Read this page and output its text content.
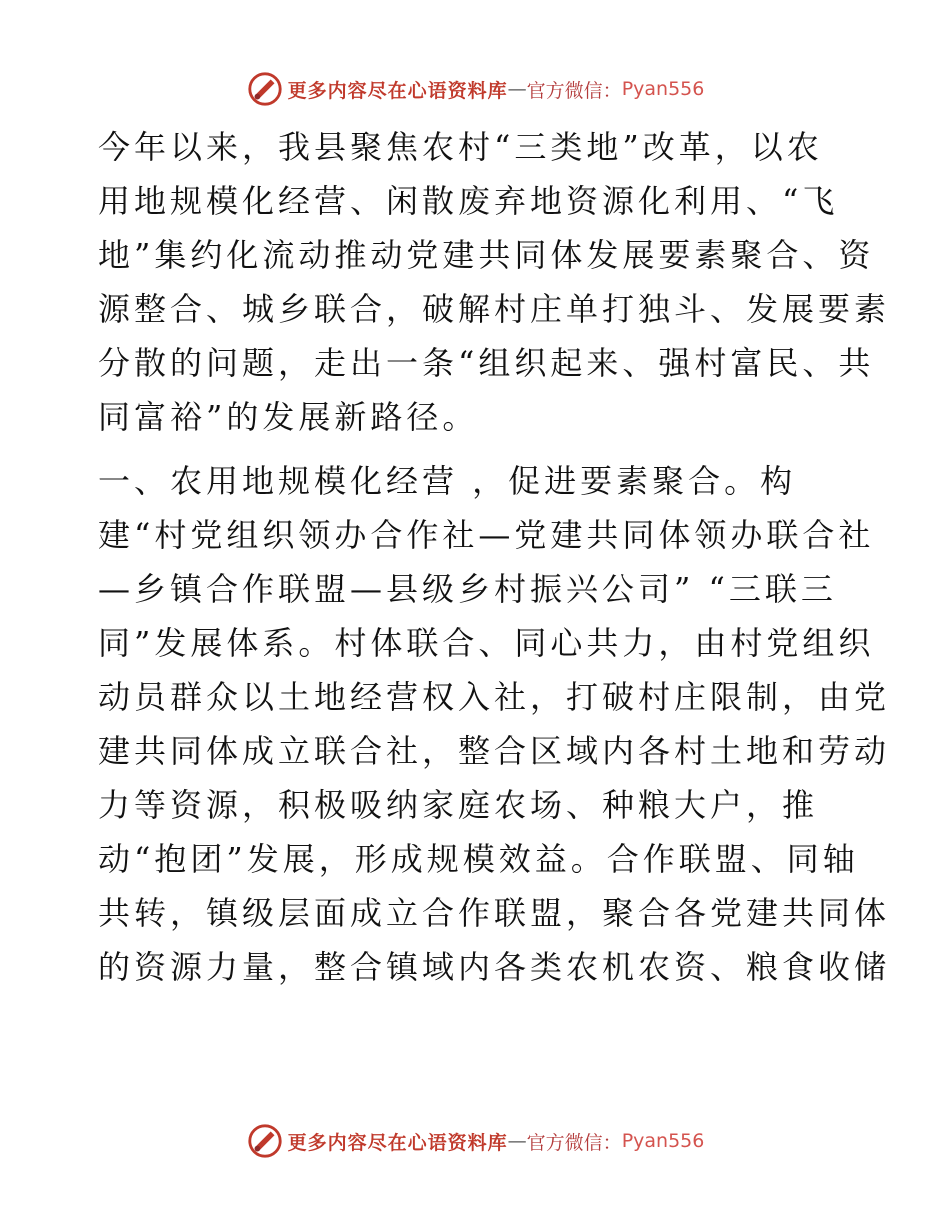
更多内容尽在心语资料库 — 官方微信： Pyan556

今年以来，我县聚焦农村“三类地”改革，以农
用地规模化经营、闲散废弃地资源化利用、“飞
地”集约化流动推动党建共同体发展要素聚合、资
源整合、城乡联合，破解村庄单打独斗、发展要素
分散的问题，走出一条“组织起来、强村富民、共
同富裕”的发展新路径。

一、农用地规模化经营 ，促进要素聚合。构
建“村党组织领办合作社—党建共同体领办联合社
—乡镇合作联盟—县级乡村振兴公司” “三联三
同”发展体系。村体联合、同心共力，由村党组织
动员群众以土地经营权入社，打破村庄限制，由党
建共同体成立联合社，整合区域内各村土地和劳动
力等资源，积极吸纳家庭农场、种粮大户，推
动“抱团”发展，形成规模效益。合作联盟、同轴
共转，镇级层面成立合作联盟，聚合各党建共同体
的资源力量，整合镇域内各类农机农资、粮食收储

更多内容尽在心语资料库 — 官方微信： Pyan556
